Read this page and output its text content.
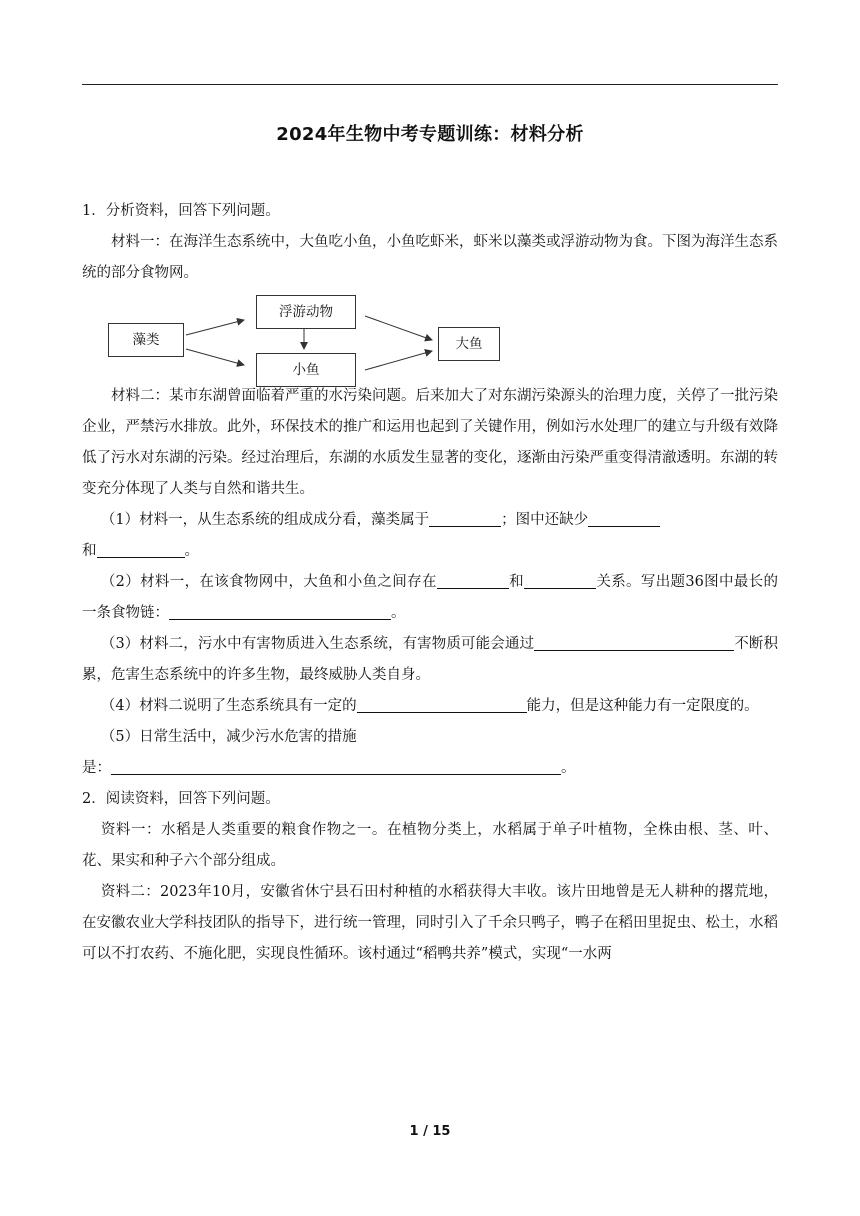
2024年生物中考专题训练：材料分析

1．分析资料，回答下列问题。

材料一：在海洋生态系统中，大鱼吃小鱼，小鱼吃虾米，虾米以藻类或浮游动物为食。下图为海洋生态系统的部分食物网。

藻类
浮游动物
小鱼
大鱼

材料二：某市东湖曾面临着严重的水污染问题。后来加大了对东湖污染源头的治理力度，关停了一批污染企业，严禁污水排放。此外，环保技术的推广和运用也起到了关键作用，例如污水处理厂的建立与升级有效降低了污水对东湖的污染。经过治理后，东湖的水质发生显著的变化，逐渐由污染严重变得清澈透明。东湖的转变充分体现了人类与自然和谐共生。

（1）材料一，从生态系统的组成成分看，藻类属于	；图中还缺少

和	。

（2）材料一，在该食物网中，大鱼和小鱼之间存在	和	关系。写出题36图中最长的一条食物链：	。

（3）材料二，污水中有害物质进入生态系统，有害物质可能会通过	不断积累，危害生态系统中的许多生物，最终威胁人类自身。

（4）材料二说明了生态系统具有一定的	能力，但是这种能力有一定限度的。

（5）日常生活中，减少污水危害的措施

是：	。

2．阅读资料，回答下列问题。

资料一：水稻是人类重要的粮食作物之一。在植物分类上，水稻属于单子叶植物，全株由根、茎、叶、花、果实和种子六个部分组成。

资料二：2023年10月，安徽省休宁县石田村种植的水稻获得大丰收。该片田地曾是无人耕种的撂荒地，在安徽农业大学科技团队的指导下，进行统一管理，同时引入了千余只鸭子，鸭子在稻田里捉虫、松土，水稻可以不打农药、不施化肥，实现良性循环。该村通过“稻鸭共养”模式，实现“一水两

1 / 15
